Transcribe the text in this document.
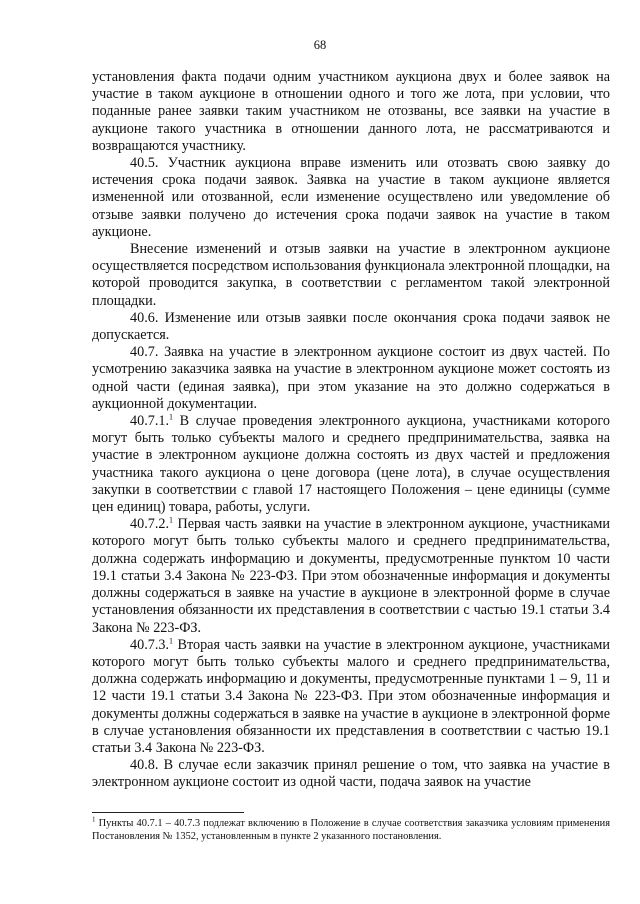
68

установления факта подачи одним участником аукциона двух и более заявок на участие в таком аукционе в отношении одного и того же лота, при условии, что поданные ранее заявки таким участником не отозваны, все заявки на участие в аукционе такого участника в отношении данного лота, не рассматриваются и возвращаются участнику.

40.5. Участник аукциона вправе изменить или отозвать свою заявку до истечения срока подачи заявок. Заявка на участие в таком аукционе является измененной или отозванной, если изменение осуществлено или уведомление об отзыве заявки получено до истечения срока подачи заявок на участие в таком аукционе.

Внесение изменений и отзыв заявки на участие в электронном аукционе осуществляется посредством использования функционала электронной площадки, на которой проводится закупка, в соответствии с регламентом такой электронной площадки.

40.6. Изменение или отзыв заявки после окончания срока подачи заявок не допускается.

40.7. Заявка на участие в электронном аукционе состоит из двух частей. По усмотрению заказчика заявка на участие в электронном аукционе может состоять из одной части (единая заявка), при этом указание на это должно содержаться в аукционной документации.

40.7.1.$^1$ В случае проведения электронного аукциона, участниками которого могут быть только субъекты малого и среднего предпринимательства, заявка на участие в электронном аукционе должна состоять из двух частей и предложения участника такого аукциона о цене договора (цене лота), в случае осуществления закупки в соответствии с главой 17 настоящего Положения – цене единицы (сумме цен единиц) товара, работы, услуги.

40.7.2.$^1$ Первая часть заявки на участие в электронном аукционе, участниками которого могут быть только субъекты малого и среднего предпринимательства, должна содержать информацию и документы, предусмотренные пунктом 10 части 19.1 статьи 3.4 Закона № 223-ФЗ. При этом обозначенные информация и документы должны содержаться в заявке на участие в аукционе в электронной форме в случае установления обязанности их представления в соответствии с частью 19.1 статьи 3.4 Закона № 223-ФЗ.

40.7.3.$^1$ Вторая часть заявки на участие в электронном аукционе, участниками которого могут быть только субъекты малого и среднего предпринимательства, должна содержать информацию и документы, предусмотренные пунктами 1 – 9, 11 и 12 части 19.1 статьи 3.4 Закона № 223-ФЗ. При этом обозначенные информация и документы должны содержаться в заявке на участие в аукционе в электронной форме в случае установления обязанности их представления в соответствии с частью 19.1 статьи 3.4 Закона № 223-ФЗ.

40.8. В случае если заказчик принял решение о том, что заявка на участие в электронном аукционе состоит из одной части, подача заявок на участие

$^1$ Пункты 40.7.1 – 40.7.3 подлежат включению в Положение в случае соответствия заказчика условиям применения Постановления № 1352, установленным в пункте 2 указанного постановления.
